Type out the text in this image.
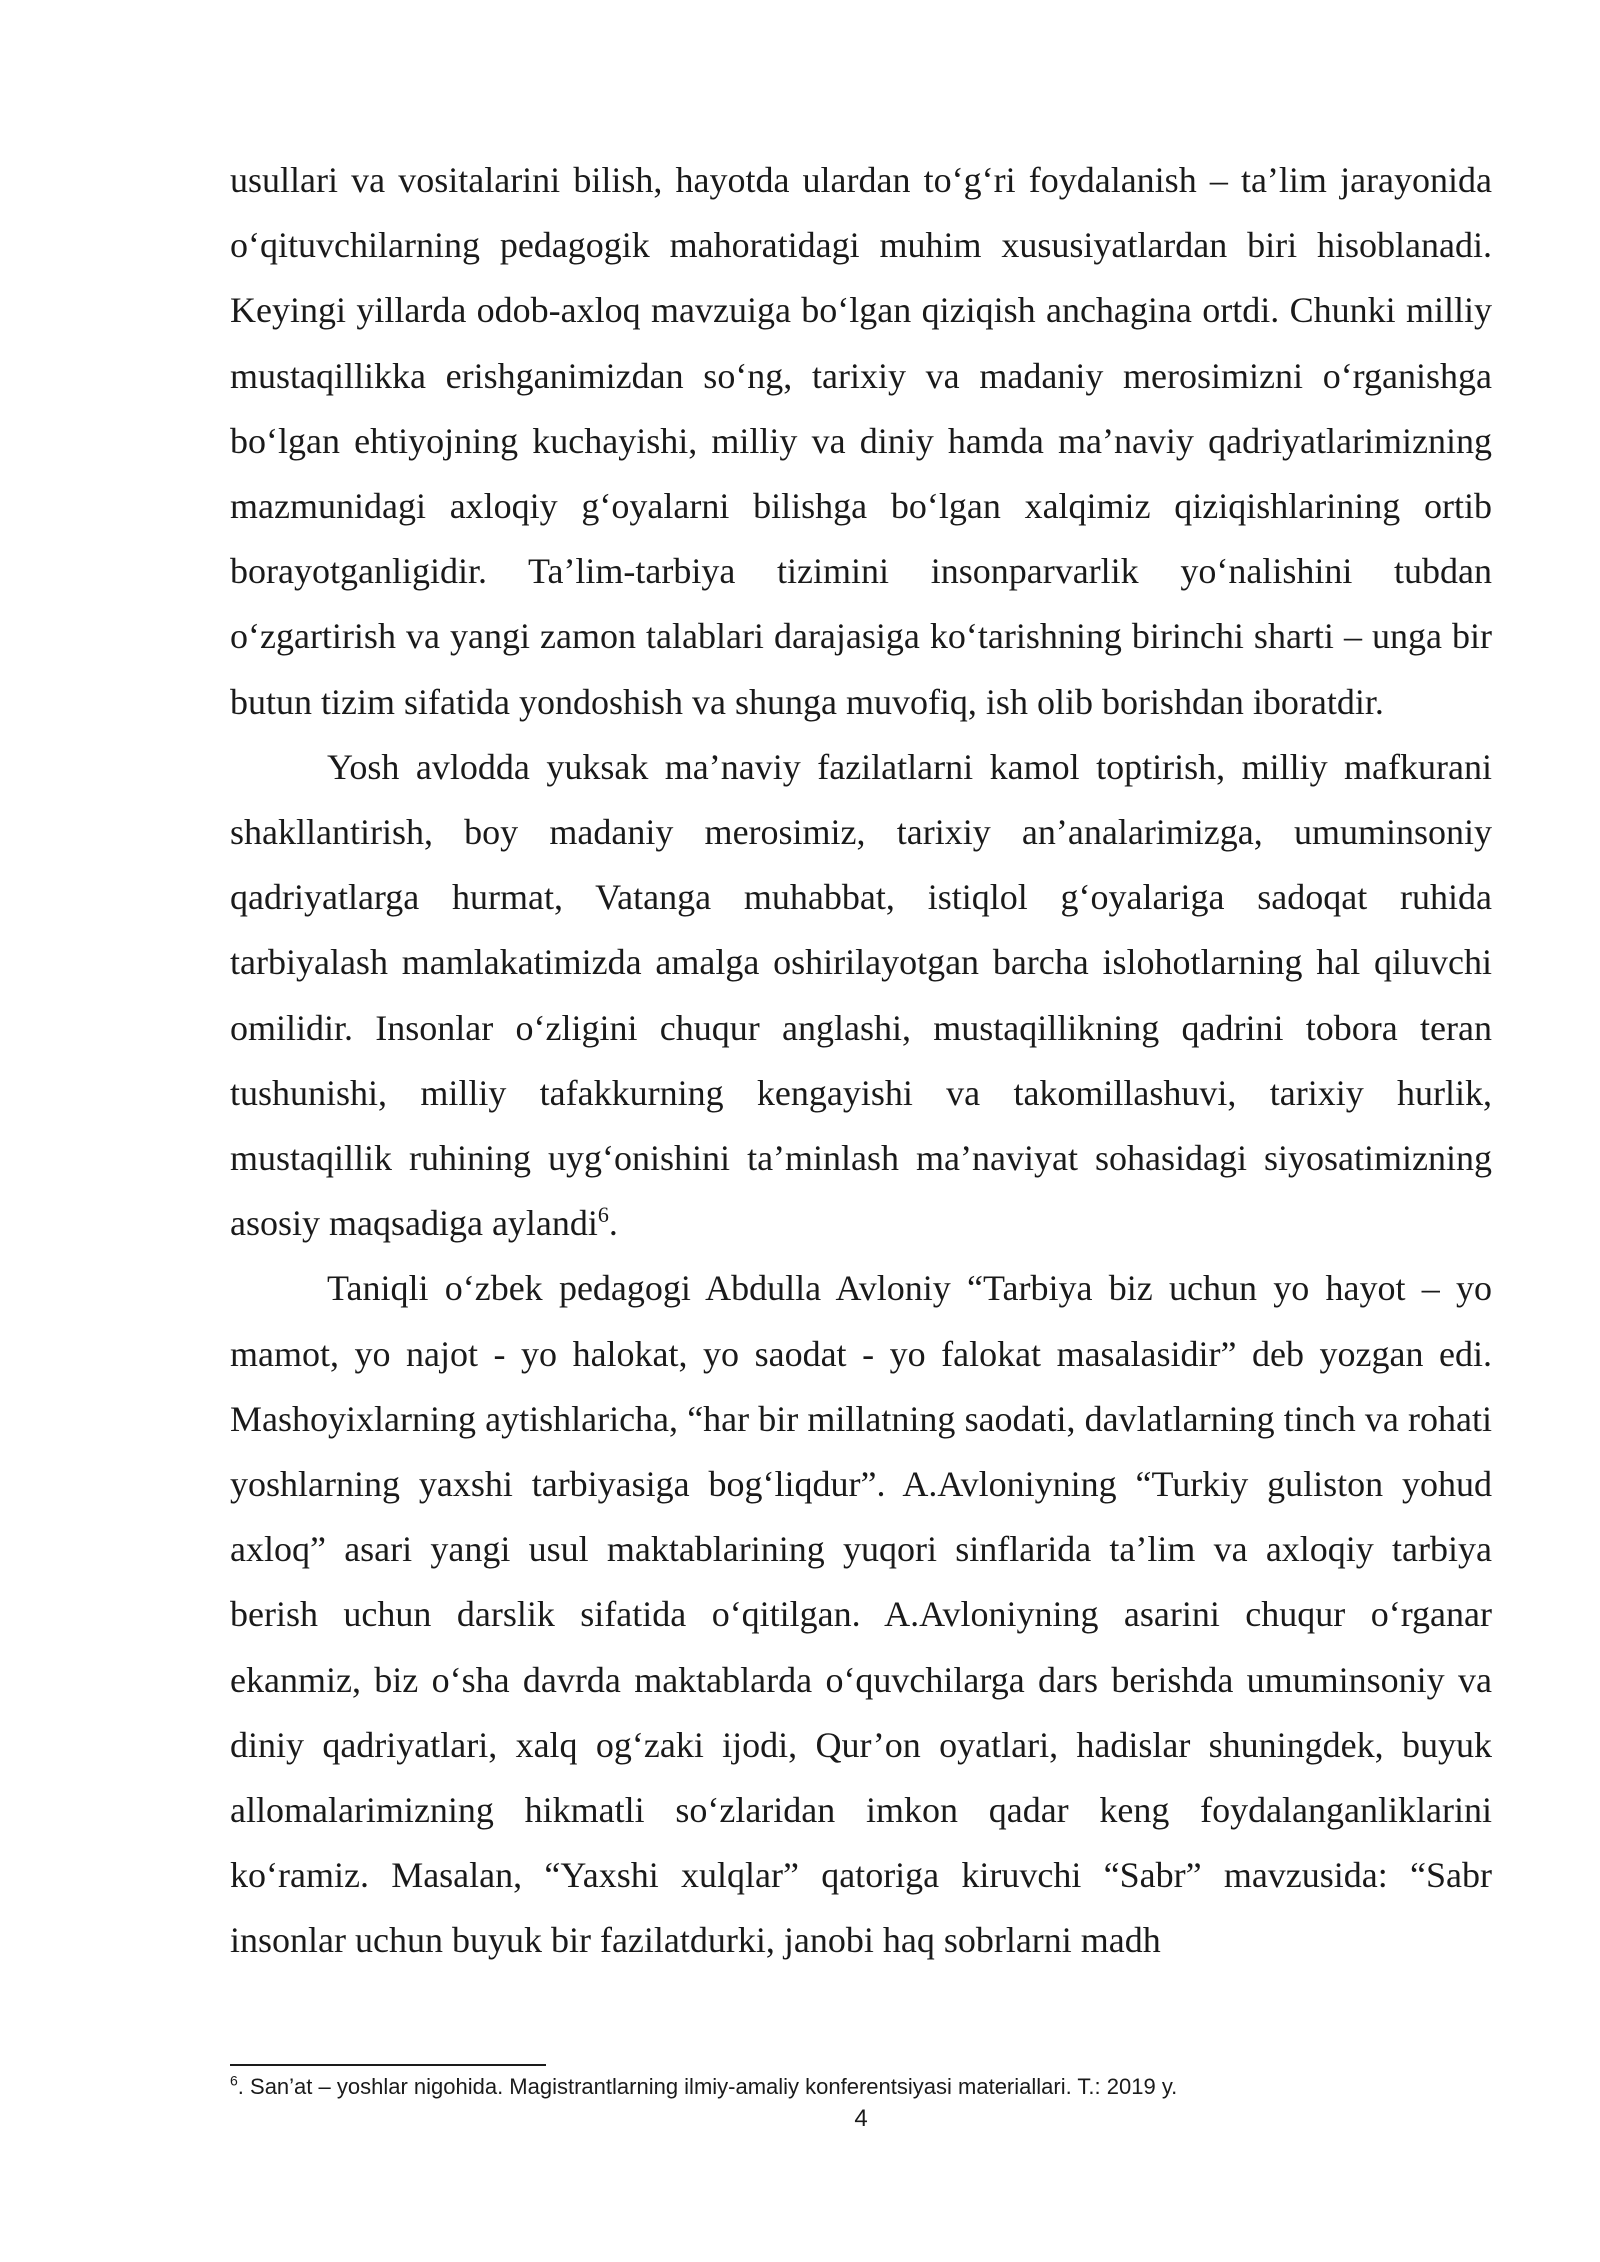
usullari va vositalarini bilish, hayotda ulardan to‘g‘ri foydalanish – ta’lim jarayonida o‘qituvchilarning pedagogik mahoratidagi muhim xususiyatlardan biri hisoblanadi. Keyingi yillarda odob-axloq mavzuiga bo‘lgan qiziqish anchagina ortdi. Chunki milliy mustaqillikka erishganimizdan so‘ng, tarixiy va madaniy merosimizni o‘rganishga bo‘lgan ehtiyojning kuchayishi, milliy va diniy hamda ma’naviy qadriyatlarimizning mazmunidagi axloqiy g‘oyalarni bilishga bo‘lgan xalqimiz qiziqishlarining ortib borayotganligidir. Ta’lim-tarbiya tizimini insonparvarlik yo‘nalishini tubdan o‘zgartirish va yangi zamon talablari darajasiga ko‘tarishning birinchi sharti – unga bir butun tizim sifatida yondoshish va shunga muvofiq, ish olib borishdan iboratdir.

Yosh avlodda yuksak ma’naviy fazilatlarni kamol toptirish, milliy mafkurani shakllantirish, boy madaniy merosimiz, tarixiy an’analarimizga, umuminsoniy qadriyatlarga hurmat, Vatanga muhabbat, istiqlol g‘oyalariga sadoqat ruhida tarbiyalash mamlakatimizda amalga oshirilayotgan barcha islohotlarning hal qiluvchi omilidir. Insonlar o‘zligini chuqur anglashi, mustaqillikning qadrini tobora teran tushunishi, milliy tafakkurning kengayishi va takomillashuvi, tarixiy hurlik, mustaqillik ruhining uyg‘onishini ta’minlash ma’naviyat sohasidagi siyosatimizning asosiy maqsadiga aylandi$^6$.

Taniqli o‘zbek pedagogi Abdulla Avloniy “Tarbiya biz uchun yo hayot – yo mamot, yo najot - yo halokat, yo saodat - yo falokat masalasidir” deb yozgan edi. Mashoyixlarning aytishlaricha, “har bir millatning saodati, davlatlarning tinch va rohati yoshlarning yaxshi tarbiyasiga bog‘liqdur”. A.Avloniyning “Turkiy guliston yohud axloq” asari yangi usul maktablarining yuqori sinflarida ta’lim va axloqiy tarbiya berish uchun darslik sifatida o‘qitilgan. A.Avloniyning asarini chuqur o‘rganar ekanmiz, biz o‘sha davrda maktablarda o‘quvchilarga dars berishda umuminsoniy va diniy qadriyatlari, xalq og‘zaki ijodi, Qur’on oyatlari, hadislar shuningdek, buyuk allomalarimizning hikmatli so‘zlaridan imkon qadar keng foydalanganliklarini ko‘ramiz. Masalan, “Yaxshi xulqlar” qatoriga kiruvchi “Sabr” mavzusida: “Sabr insonlar uchun buyuk bir fazilatdurki, janobi haq sobrlarni madh

$^6$. San’at – yoshlar nigohida. Magistrantlarning ilmiy-amaliy konferentsiyasi materiallari. T.: 2019 y.
4
